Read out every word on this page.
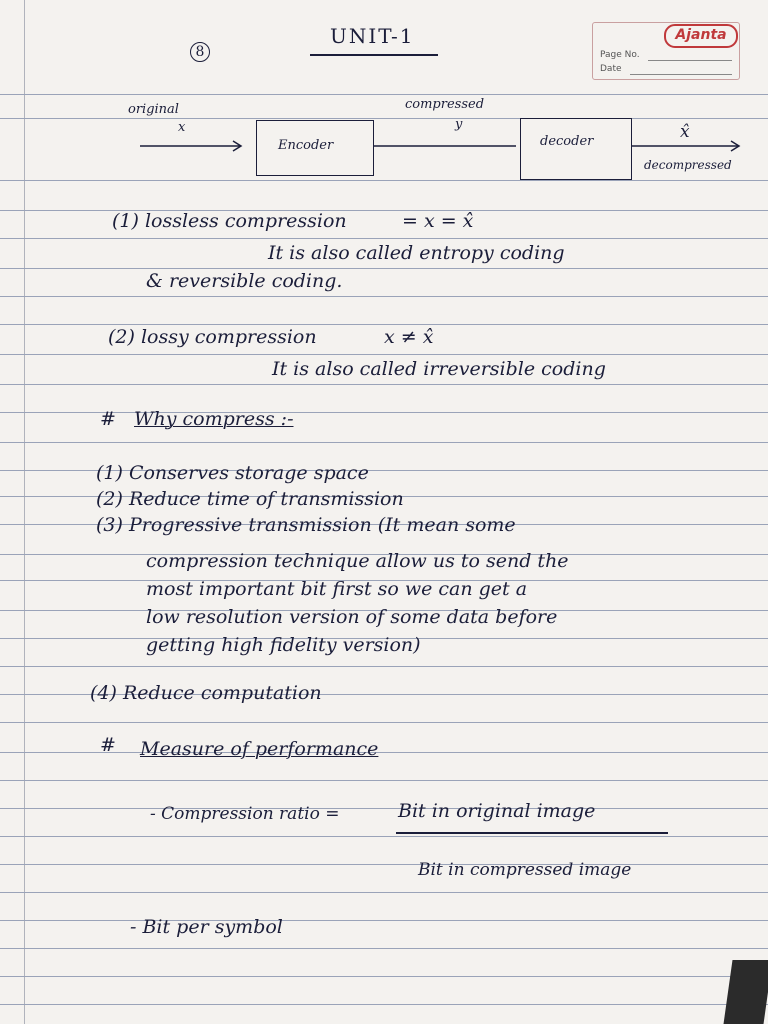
8
UNIT-1	Ajanta
Page No.
Date
original
x
compressed
y
Encoder	decoder	x̂
decompressed
(1) lossless compression	= x = x̂
It is also called entropy coding
& reversible coding.
(2) lossy compression	x ≠ x̂
It is also called irreversible coding
# Why compress :-
(1) Conserves storage space
(2) Reduce time of transmission
(3) Progressive transmission (It mean some
compression technique allow us to send the
most important bit first so we can get a
low resolution version of some data before
getting high fidelity version)
(4) Reduce computation
# Measure of performance
- Compression ratio =	Bit in original image
Bit in compressed image
- Bit per symbol
